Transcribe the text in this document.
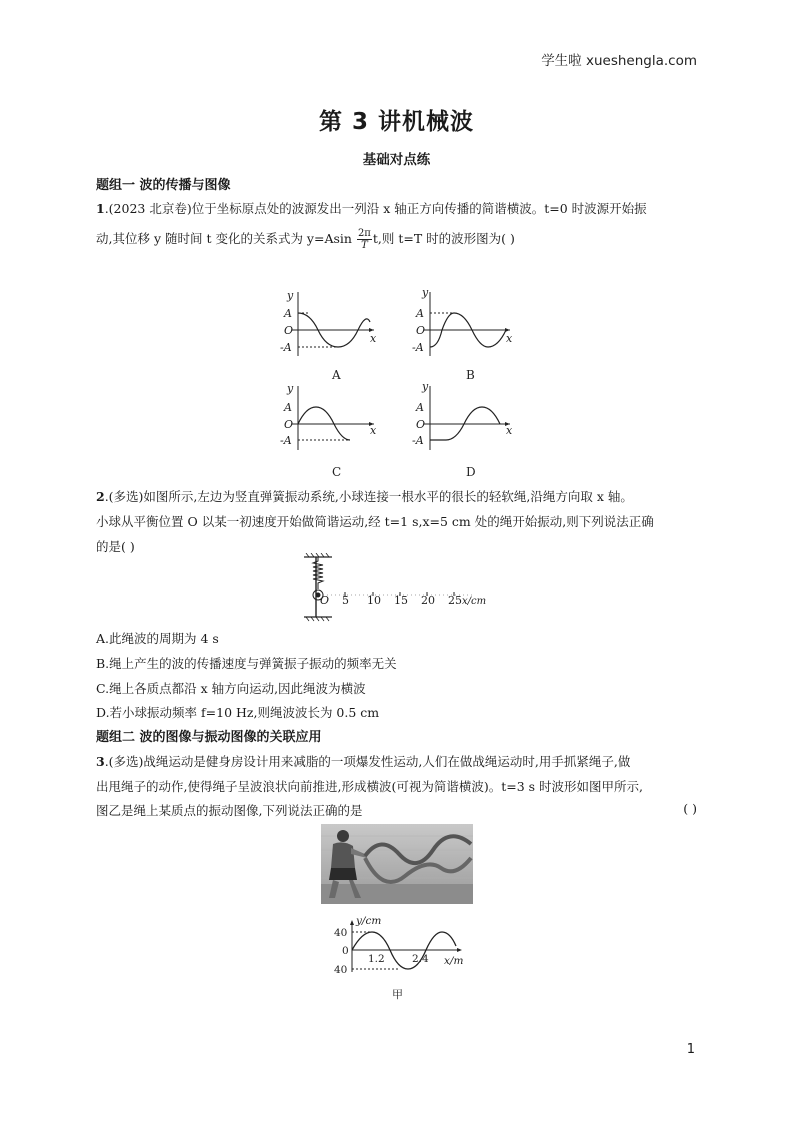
学生啦 xueshengla.com
第 3 讲机械波
基础对点练
题组一 波的传播与图像
1.(2023 北京卷)位于坐标原点处的波源发出一列沿 x 轴正方向传播的简谐横波。t=0 时波源开始振
动,其位移 y 随时间 t 变化的关系式为 $y=Asin \frac{2\pi}{T} t$,则 t=T 时的波形图为( )
y
A
O
-A
x
A
y
A
O
-A
x
B
y
A
O
-A
x
C
y
A
O
-A
x
D
2.(多选)如图所示,左边为竖直弹簧振动系统,小球连接一根水平的很长的轻软绳,沿绳方向取 x 轴。
小球从平衡位置 O 以某一初速度开始做简谐运动,经 t=1 s,x=5 cm 处的绳开始振动,则下列说法正确
的是( )
O 5 10 15 20 25 x/cm
A.此绳波的周期为 4 s
B.绳上产生的波的传播速度与弹簧振子振动的频率无关
C.绳上各质点都沿 x 轴方向运动,因此绳波为横波
D.若小球振动频率 f=10 Hz,则绳波波长为 0.5 cm
题组二 波的图像与振动图像的关联应用
3.(多选)战绳运动是健身房设计用来减脂的一项爆发性运动,人们在做战绳运动时,用手抓紧绳子,做
出甩绳子的动作,使得绳子呈波浪状向前推进,形成横波(可视为简谐横波)。t=3 s 时波形如图甲所示,
图乙是绳上某质点的振动图像,下列说法正确的是	( )
y/cm
40
0
40
1.2	2.4 x/m
甲
1
